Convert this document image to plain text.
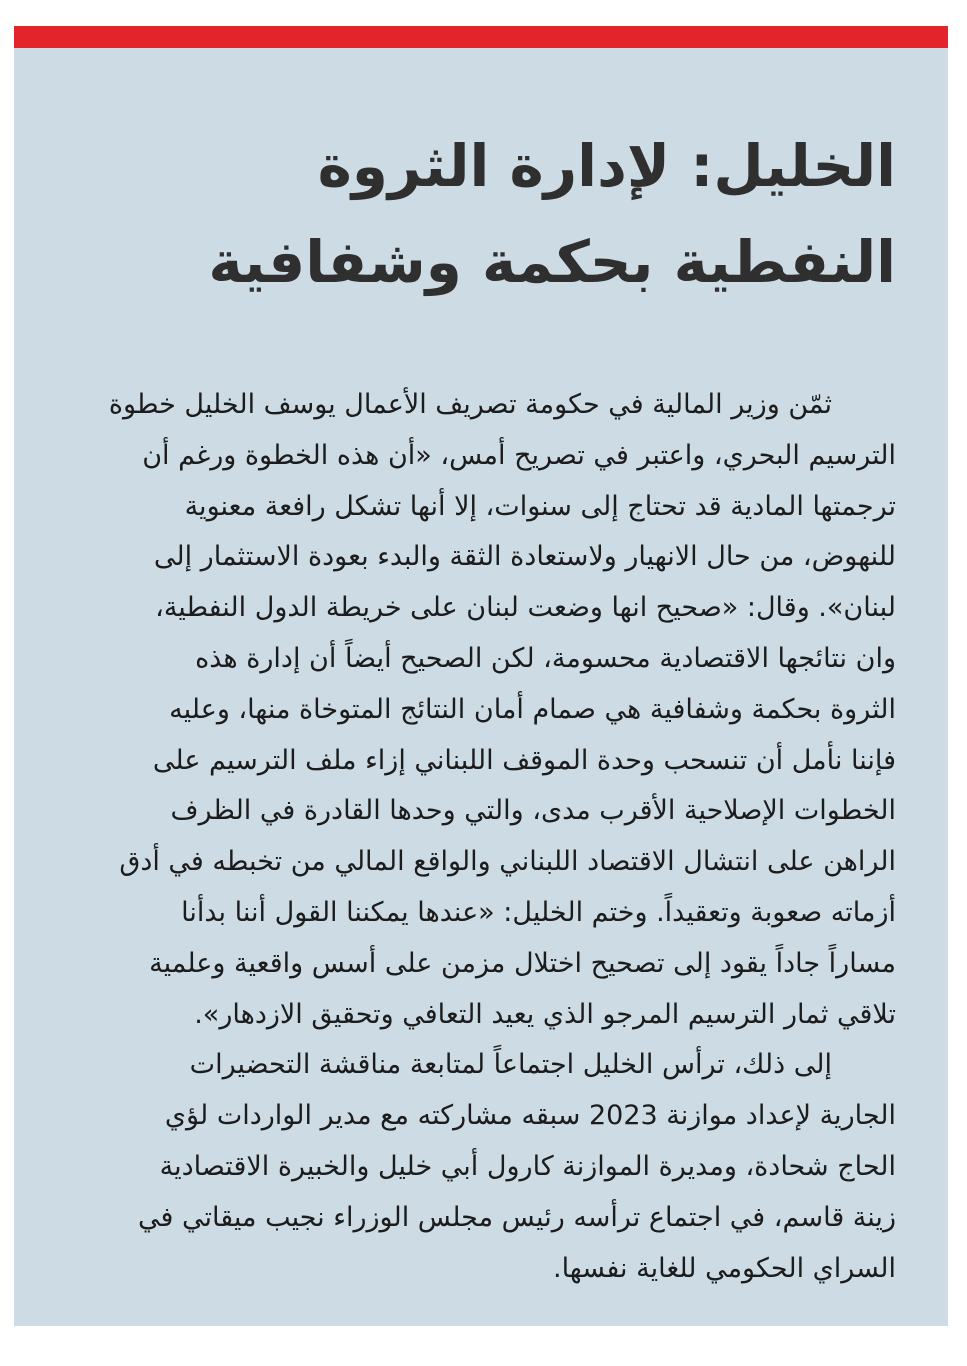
الخليل: لإدارة الثروة
النفطية بحكمة وشفافية
ثمّن وزير المالية في حكومة تصريف الأعمال يوسف الخليل خطوة
الترسيم البحري، واعتبر في تصريح أمس، «أن هذه الخطوة ورغم أن
ترجمتها المادية قد تحتاج إلى سنوات، إلا أنها تشكل رافعة معنوية
للنهوض، من حال الانهيار ولاستعادة الثقة والبدء بعودة الاستثمار إلى
لبنان». وقال: «صحيح انها وضعت لبنان على خريطة الدول النفطية،
وان نتائجها الاقتصادية محسومة، لكن الصحيح أيضاً أن إدارة هذه
الثروة بحكمة وشفافية هي صمام أمان النتائج المتوخاة منها، وعليه
فإننا نأمل أن تنسحب وحدة الموقف اللبناني إزاء ملف الترسيم على
الخطوات الإصلاحية الأقرب مدى، والتي وحدها القادرة في الظرف
الراهن على انتشال الاقتصاد اللبناني والواقع المالي من تخبطه في أدق
أزماته صعوبة وتعقيداً. وختم الخليل: «عندها يمكننا القول أننا بدأنا
مساراً جاداً يقود إلى تصحيح اختلال مزمن على أسس واقعية وعلمية
تلاقي ثمار الترسيم المرجو الذي يعيد التعافي وتحقيق الازدهار».
إلى ذلك، ترأس الخليل اجتماعاً لمتابعة مناقشة التحضيرات
الجارية لإعداد موازنة 2023 سبقه مشاركته مع مدير الواردات لؤي
الحاج شحادة، ومديرة الموازنة كارول أبي خليل والخبيرة الاقتصادية
زينة قاسم، في اجتماع ترأسه رئيس مجلس الوزراء نجيب ميقاتي في
السراي الحكومي للغاية نفسها.
